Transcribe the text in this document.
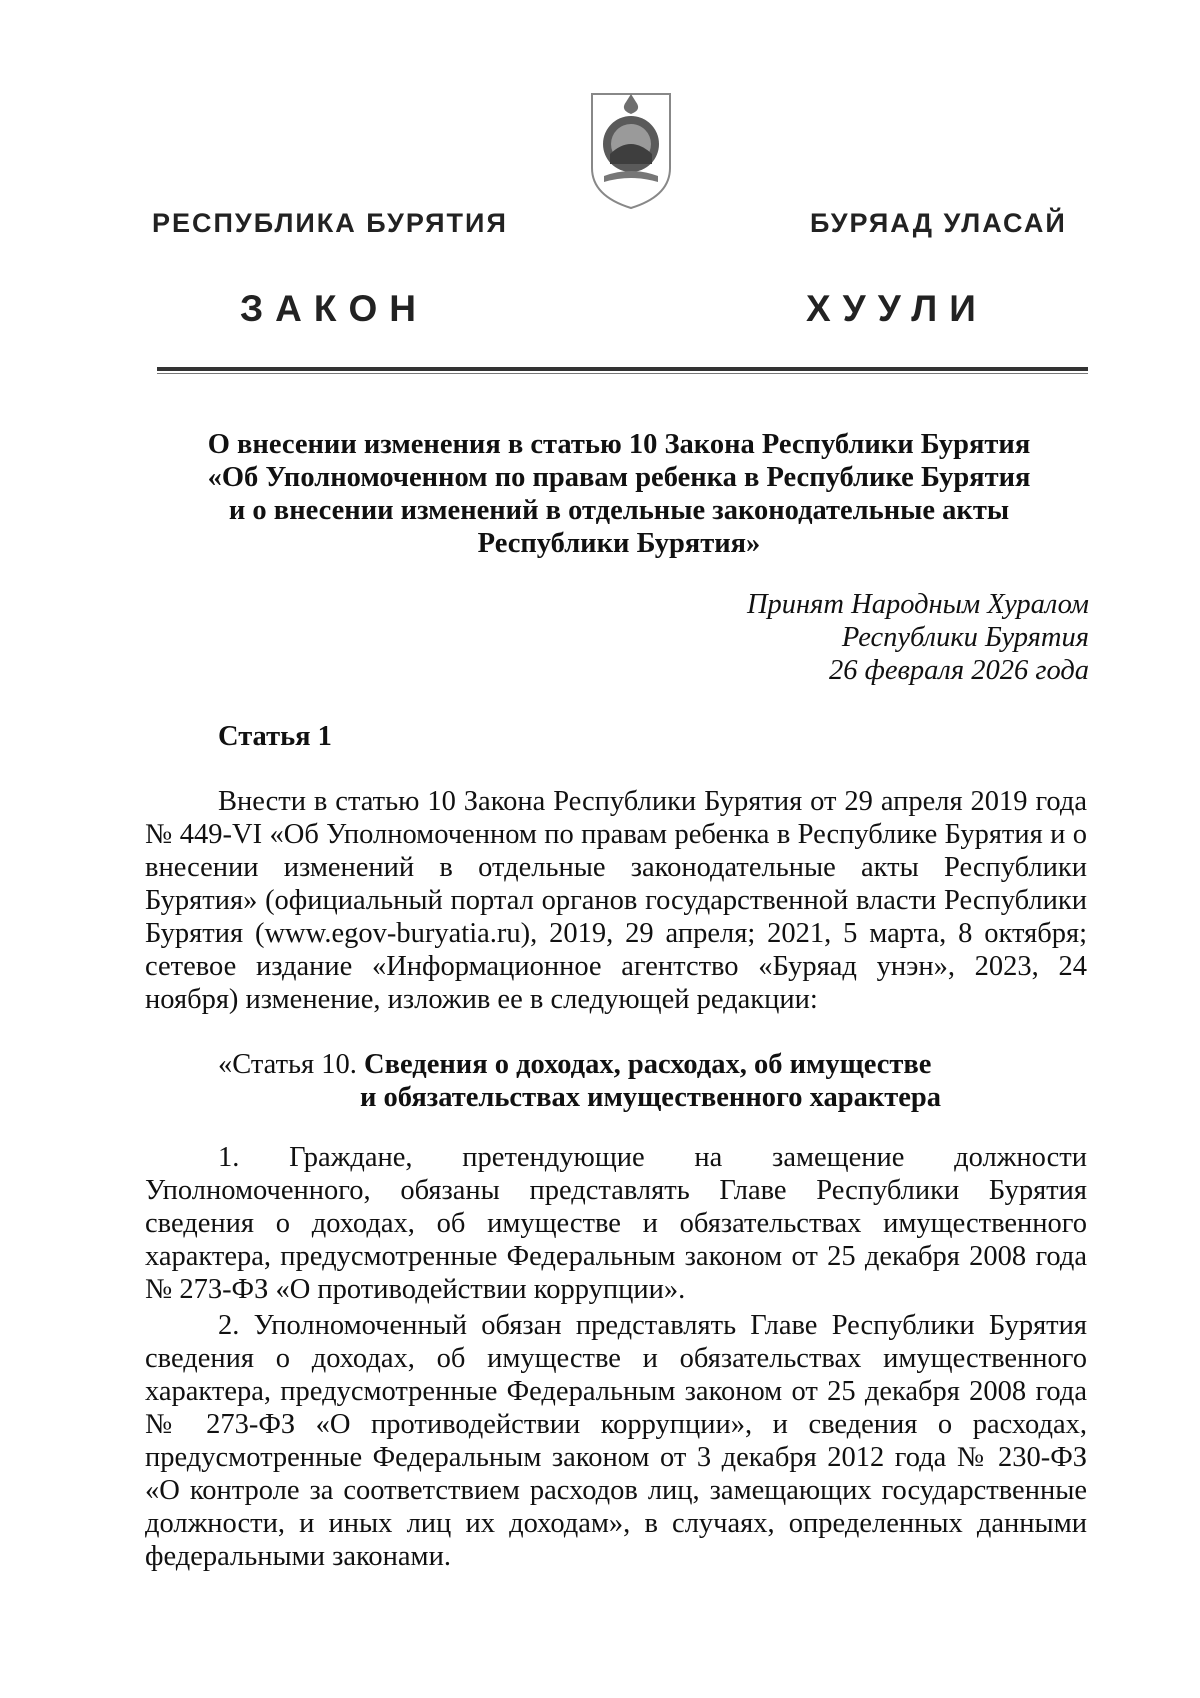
РЕСПУБЛИКА БУРЯТИЯ	БУРЯАД УЛАСАЙ
ЗАКОН	ХУУЛИ
О внесении изменения в статью 10 Закона Республики Бурятия
«Об Уполномоченном по правам ребенка в Республике Бурятия
и о внесении изменений в отдельные законодательные акты
Республики Бурятия»
Принят Народным Хуралом
Республики Бурятия
26 февраля 2026 года
Статья 1

Внести в статью 10 Закона Республики Бурятия от 29 апреля 2019 года № 449-VI «Об Уполномоченном по правам ребенка в Республике Бурятия и о внесении изменений в отдельные законодательные акты Республики Бурятия» (официальный портал органов государственной власти Республики Бурятия (www.egov-buryatia.ru), 2019, 29 апреля; 2021, 5 марта, 8 октября; сетевое издание «Информационное агентство «Буряад унэн», 2023, 24 ноября) изменение, изложив ее в следующей редакции:

«Статья 10. Сведения о доходах, расходах, об имуществе
и обязательствах имущественного характера

1. Граждане, претендующие на замещение должности Уполномоченного, обязаны представлять Главе Республики Бурятия сведения о доходах, об имуществе и обязательствах имущественного характера, предусмотренные Федеральным законом от 25 декабря 2008 года № 273-ФЗ «О противодействии коррупции».

2. Уполномоченный обязан представлять Главе Республики Бурятия сведения о доходах, об имуществе и обязательствах имущественного характера, предусмотренные Федеральным законом от 25 декабря 2008 года № 273-ФЗ «О противодействии коррупции», и сведения о расходах, предусмотренные Федеральным законом от 3 декабря 2012 года № 230-ФЗ «О контроле за соответствием расходов лиц, замещающих государственные должности, и иных лиц их доходам», в случаях, определенных данными федеральными законами.
